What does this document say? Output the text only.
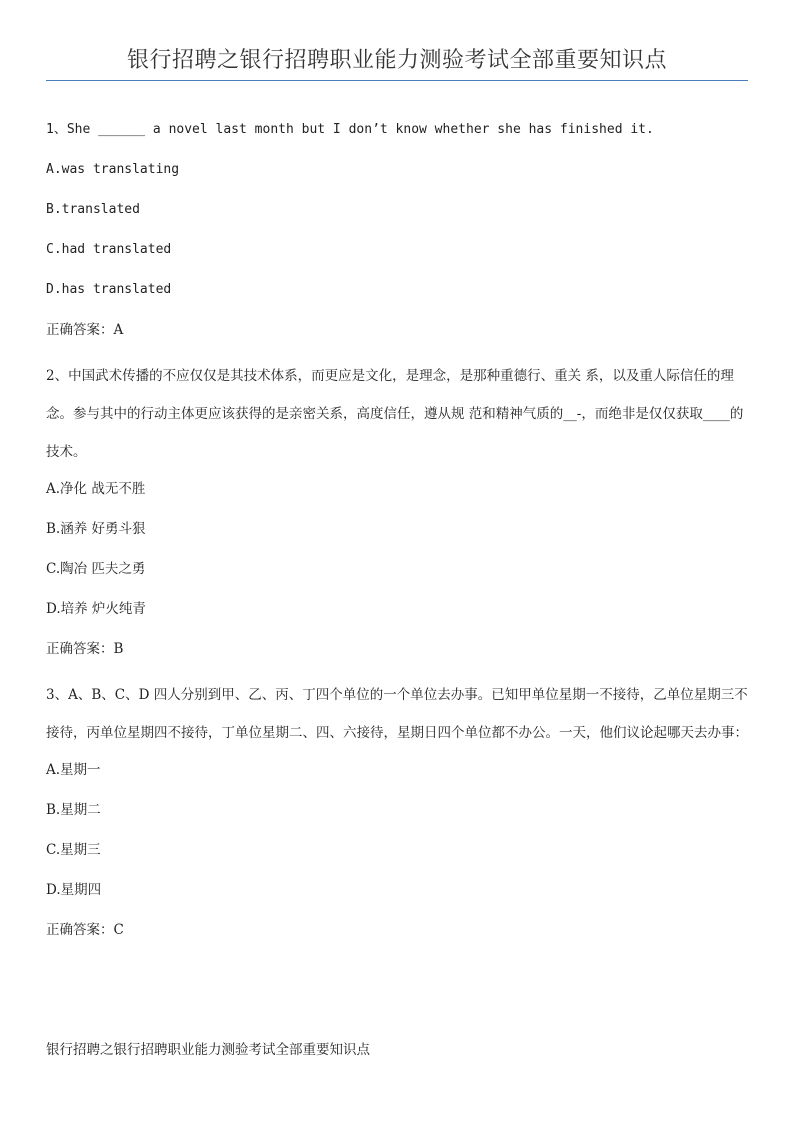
银行招聘之银行招聘职业能力测验考试全部重要知识点

1、She ______ a novel last month but I don’t know whether she has finished it.

A.was translating

B.translated

C.had translated

D.has translated

正确答案：A

2、中国武术传播的不应仅仅是其技术体系，而更应是文化，是理念，是那种重德行、重关 系，以及重人际信任的理念。参与其中的行动主体更应该获得的是亲密关系，高度信任，遵从规 范和精神气质的__-，而绝非是仅仅获取____的技术。

A.净化 战无不胜

B.涵养 好勇斗狠

C.陶冶 匹夫之勇

D.培养 炉火纯青

正确答案：B

3、A、B、C、D 四人分别到甲、乙、丙、丁四个单位的一个单位去办事。已知甲单位星期一不接待，乙单位星期三不接待，丙单位星期四不接待，丁单位星期二、四、六接待，星期日四个单位都不办公。一天，他们议论起哪天去办事：

A.星期一

B.星期二

C.星期三

D.星期四

正确答案：C

银行招聘之银行招聘职业能力测验考试全部重要知识点
